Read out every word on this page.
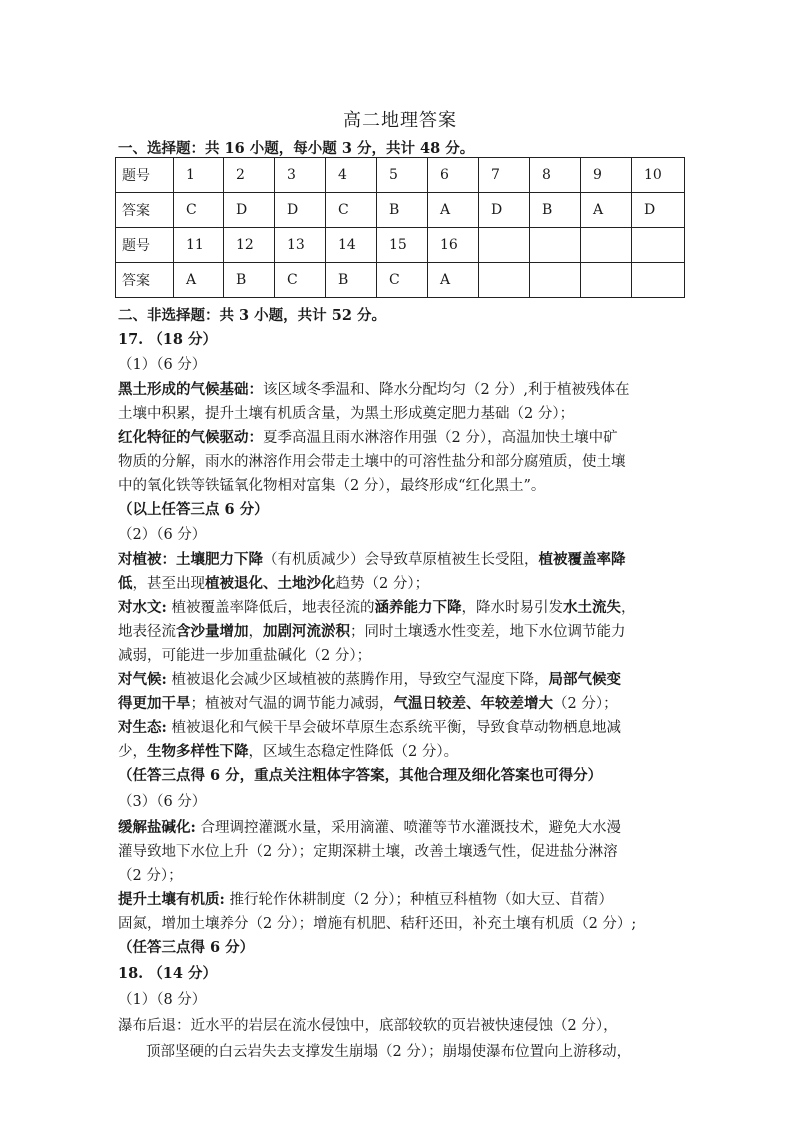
高二地理答案
一、选择题：共 16 小题，每小题 3 分，共计 48 分。
题号	1	2	3	4	5	6	7	8	9	10
答案	C	D	D	C	B	A	D	B	A	D
题号	11	12	13	14	15	16				
答案	A	B	C	B	C	A				
二、非选择题：共 3 小题，共计 52 分。
17. （18 分）
（1）（6 分）
黑土形成的气候基础：该区域冬季温和、降水分配均匀（2 分）,利于植被残体在
土壤中积累，提升土壤有机质含量，为黑土形成奠定肥力基础（2 分）；
红化特征的气候驱动：夏季高温且雨水淋溶作用强（2 分），高温加快土壤中矿
物质的分解，雨水的淋溶作用会带走土壤中的可溶性盐分和部分腐殖质，使土壤
中的氧化铁等铁锰氧化物相对富集（2 分），最终形成“红化黑土”。
（以上任答三点 6 分）
（2）（6 分）
对植被：土壤肥力下降（有机质减少）会导致草原植被生长受阻，植被覆盖率降
低，甚至出现植被退化、土地沙化趋势（2 分）；
对水文: 植被覆盖率降低后，地表径流的涵养能力下降，降水时易引发水土流失，
地表径流含沙量增加，加剧河流淤积；同时土壤透水性变差，地下水位调节能力
减弱，可能进一步加重盐碱化（2 分）；
对气候: 植被退化会减少区域植被的蒸腾作用，导致空气湿度下降，局部气候变
得更加干旱；植被对气温的调节能力减弱，气温日较差、年较差增大（2 分）；
对生态: 植被退化和气候干旱会破坏草原生态系统平衡，导致食草动物栖息地减
少，生物多样性下降，区域生态稳定性降低（2 分）。
（任答三点得 6 分，重点关注粗体字答案，其他合理及细化答案也可得分）
（3）（6 分）
缓解盐碱化: 合理调控灌溉水量，采用滴灌、喷灌等节水灌溉技术，避免大水漫
灌导致地下水位上升（2 分）；定期深耕土壤，改善土壤透气性，促进盐分淋溶
（2 分）；
提升土壤有机质: 推行轮作休耕制度（2 分）；种植豆科植物（如大豆、苜蓿）
固氮，增加土壤养分（2 分）；增施有机肥、秸秆还田，补充土壤有机质（2 分）;
（任答三点得 6 分）
18. （14 分）
（1）（8 分）
瀑布后退：近水平的岩层在流水侵蚀中，底部较软的页岩被快速侵蚀（2 分），
顶部坚硬的白云岩失去支撑发生崩塌（2 分）；崩塌使瀑布位置向上游移动，
